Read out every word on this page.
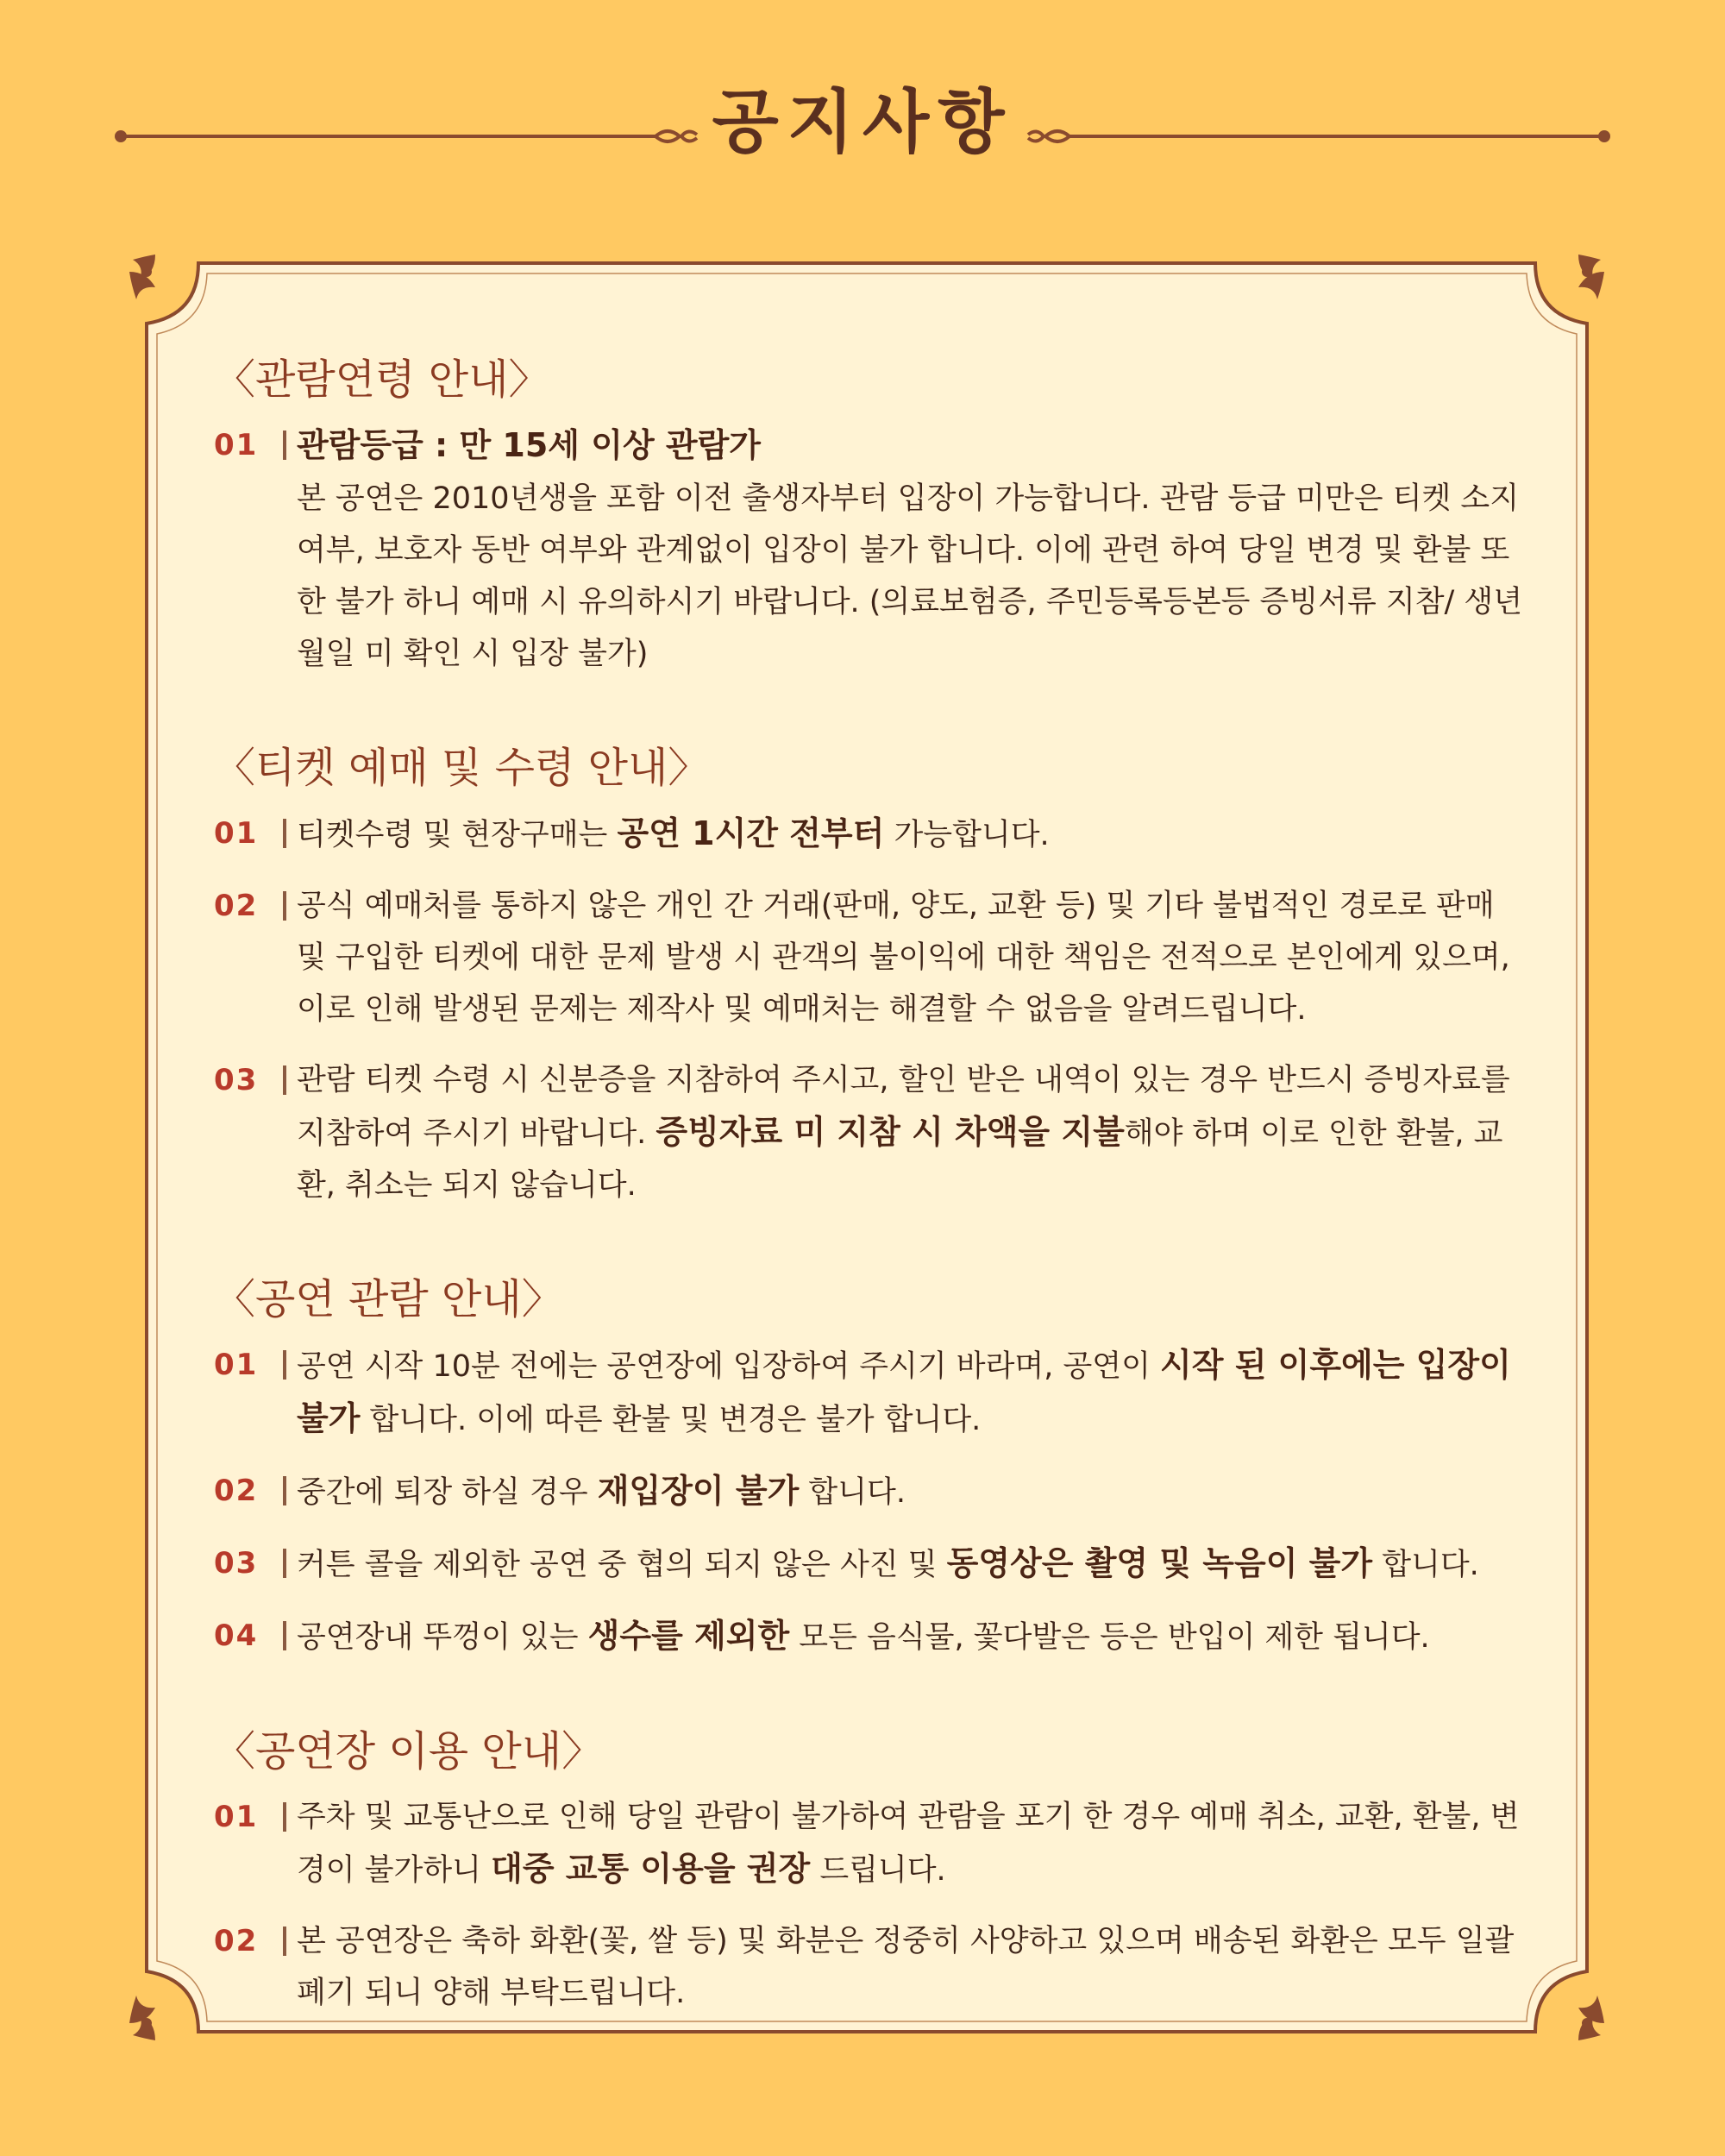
공지사항
〈관람연령 안내〉
01	관람등급 : 만 15세 이상 관람가
본 공연은 2010년생을 포함 이전 출생자부터 입장이 가능합니다. 관람 등급 미만은 티켓 소지 여부, 보호자 동반 여부와 관계없이 입장이 불가 합니다. 이에 관련 하여 당일 변경 및 환불 또한 불가 하니 예매 시 유의하시기 바랍니다. (의료보험증, 주민등록등본등 증빙서류 지참/ 생년월일 미 확인 시 입장 불가)
〈티켓 예매 및 수령 안내〉
01	티켓수령 및 현장구매는 공연 1시간 전부터 가능합니다.
02	공식 예매처를 통하지 않은 개인 간 거래(판매, 양도, 교환 등) 및 기타 불법적인 경로로 판매 및 구입한 티켓에 대한 문제 발생 시 관객의 불이익에 대한 책임은 전적으로 본인에게 있으며, 이로 인해 발생된 문제는 제작사 및 예매처는 해결할 수 없음을 알려드립니다.
03	관람 티켓 수령 시 신분증을 지참하여 주시고, 할인 받은 내역이 있는 경우 반드시 증빙자료를 지참하여 주시기 바랍니다. 증빙자료 미 지참 시 차액을 지불해야 하며 이로 인한 환불, 교환, 취소는 되지 않습니다.
〈공연 관람 안내〉
01	공연 시작 10분 전에는 공연장에 입장하여 주시기 바라며, 공연이 시작 된 이후에는 입장이 불가 합니다. 이에 따른 환불 및 변경은 불가 합니다.
02	중간에 퇴장 하실 경우 재입장이 불가 합니다.
03	커튼 콜을 제외한 공연 중 협의 되지 않은 사진 및 동영상은 촬영 및 녹음이 불가 합니다.
04	공연장내 뚜껑이 있는 생수를 제외한 모든 음식물, 꽃다발은 등은 반입이 제한 됩니다.
〈공연장 이용 안내〉
01	주차 및 교통난으로 인해 당일 관람이 불가하여 관람을 포기 한 경우 예매 취소, 교환, 환불, 변경이 불가하니 대중 교통 이용을 권장 드립니다.
02	본 공연장은 축하 화환(꽃, 쌀 등) 및 화분은 정중히 사양하고 있으며 배송된 화환은 모두 일괄 폐기 되니 양해 부탁드립니다.
